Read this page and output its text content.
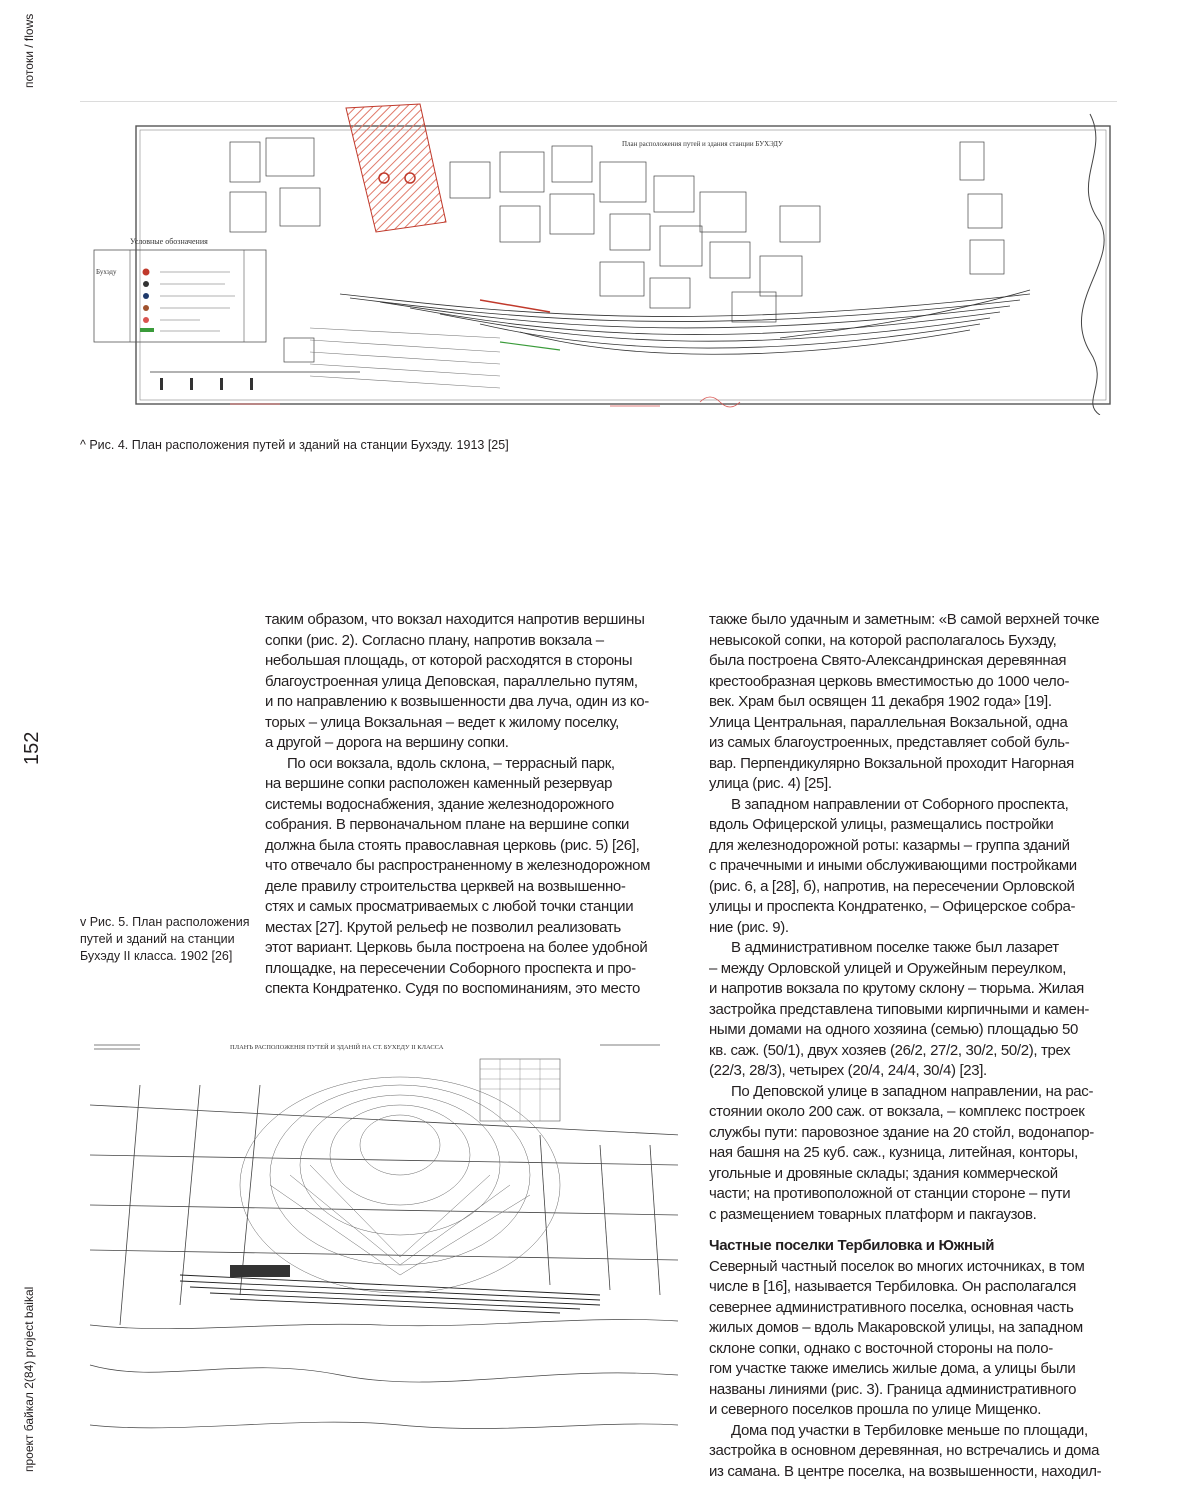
потоки / flows
152
проект байкал 2(84) project baikal
План расположения путей и здания станции БУХЭДУ
Условные обозначения
Бухэду
^ Рис. 4. План расположения путей и зданий на станции Бухэду. 1913 [25]

таким образом, что вокзал находится напротив вершины
сопки (рис. 2). Согласно плану, напротив вокзала –
небольшая площадь, от которой расходятся в стороны
благоустроенная улица Деповская, параллельно путям,
и по направлению к возвышенности два луча, один из ко-
торых – улица Вокзальная – ведет к жилому поселку,
а другой – дорога на вершину сопки.

По оси вокзала, вдоль склона, – террасный парк,
на вершине сопки расположен каменный резервуар
системы водоснабжения, здание железнодорожного
собрания. В первоначальном плане на вершине сопки
должна была стоять православная церковь (рис. 5) [26],
что отвечало бы распространенному в железнодорожном
деле правилу строительства церквей на возвышенно-
стях и самых просматриваемых с любой точки станции
местах [27]. Крутой рельеф не позволил реализовать
этот вариант. Церковь была построена на более удобной
площадке, на пересечении Соборного проспекта и про-
спекта Кондратенко. Судя по воспоминаниям, это место

v Рис. 5. План расположения путей и зданий на станции Бухэду II класса. 1902 [26]
ПЛАНЪ РАСПОЛОЖЕНIЯ ПУТЕЙ И ЗДАНIЙ НА СТ. БУХЕДУ II КЛАССА

также было удачным и заметным: «В самой верхней точке
невысокой сопки, на которой располагалось Бухэду,
была построена Свято-Александринская деревянная
крестообразная церковь вместимостью до 1000 чело-
век. Храм был освящен 11 декабря 1902 года» [19].
Улица Центральная, параллельная Вокзальной, одна
из самых благоустроенных, представляет собой буль-
вар. Перпендикулярно Вокзальной проходит Нагорная
улица (рис. 4) [25].

В западном направлении от Соборного проспекта,
вдоль Офицерской улицы, размещались постройки
для железнодорожной роты: казармы – группа зданий
с прачечными и иными обслуживающими постройками
(рис. 6, а [28], б), напротив, на пересечении Орловской
улицы и проспекта Кондратенко, – Офицерское собра-
ние (рис. 9).

В административном поселке также был лазарет
– между Орловской улицей и Оружейным переулком,
и напротив вокзала по крутому склону – тюрьма. Жилая
застройка представлена типовыми кирпичными и камен-
ными домами на одного хозяина (семью) площадью 50
кв. саж. (50/1), двух хозяев (26/2, 27/2, 30/2, 50/2), трех
(22/3, 28/3), четырех (20/4, 24/4, 30/4) [23].

По Деповской улице в западном направлении, на рас-
стоянии около 200 саж. от вокзала, – комплекс построек
службы пути: паровозное здание на 20 стойл, водонапор-
ная башня на 25 куб. саж., кузница, литейная, конторы,
угольные и дровяные склады; здания коммерческой
части; на противоположной от станции стороне – пути
с размещением товарных платформ и пакгаузов.

Частные поселки Тербиловка и Южный

Северный частный поселок во многих источниках, в том
числе в [16], называется Тербиловка. Он располагался
севернее административного поселка, основная часть
жилых домов – вдоль Макаровской улицы, на западном
склоне сопки, однако с восточной стороны на поло-
гом участке также имелись жилые дома, а улицы были
названы линиями (рис. 3). Граница административного
и северного поселков прошла по улице Мищенко.

Дома под участки в Тербиловке меньше по площади,
застройка в основном деревянная, но встречались и дома
из самана. В центре поселка, на возвышенности, находил-
